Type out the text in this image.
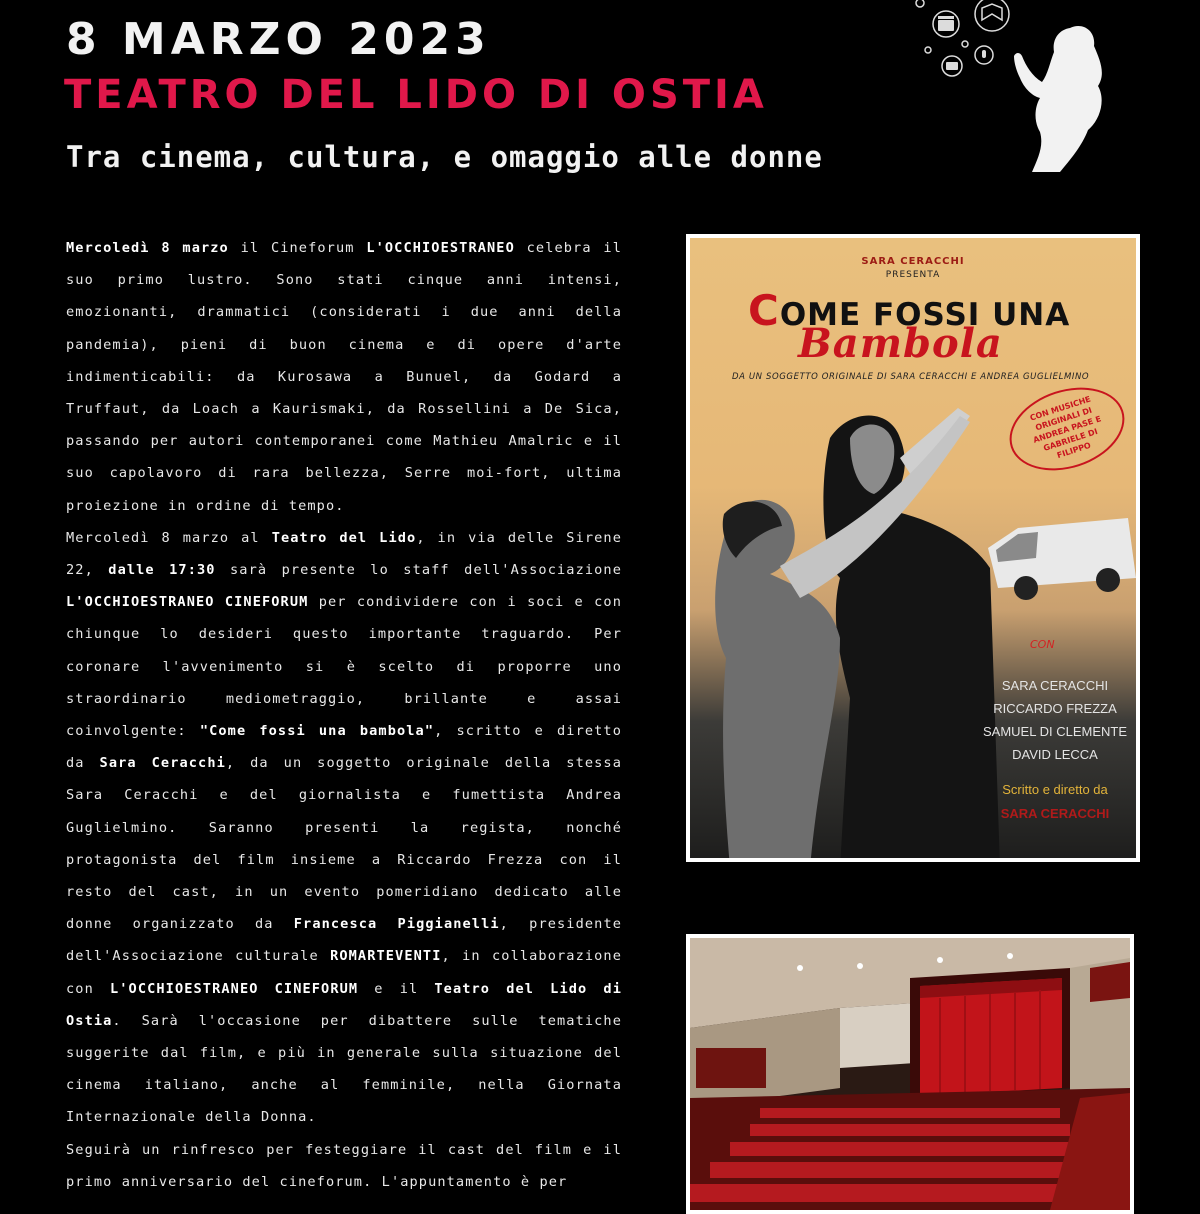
8 MARZO 2023
TEATRO DEL LIDO DI OSTIA
Tra cinema, cultura, e omaggio alle donne

Mercoledì 8 marzo il Cineforum L'OCCHIOESTRANEO celebra il suo primo lustro. Sono stati cinque anni intensi, emozionanti, drammatici (considerati i due anni della pandemia), pieni di buon cinema e di opere d'arte indimenticabili: da Kurosawa a Bunuel, da Godard a Truffaut, da Loach a Kaurismaki, da Rossellini a De Sica, passando per autori contemporanei come Mathieu Amalric e il suo capolavoro di rara bellezza, Serre moi-fort, ultima proiezione in ordine di tempo.

Mercoledì 8 marzo al Teatro del Lido, in via delle Sirene 22, dalle 17:30 sarà presente lo staff dell'Associazione L'OCCHIOESTRANEO CINEFORUM per condividere con i soci e con chiunque lo desideri questo importante traguardo. Per coronare l'avvenimento si è scelto di proporre uno straordinario mediometraggio, brillante e assai coinvolgente: "Come fossi una bambola", scritto e diretto da Sara Ceracchi, da un soggetto originale della stessa Sara Ceracchi e del giornalista e fumettista Andrea Guglielmino. Saranno presenti la regista, nonché protagonista del film insieme a Riccardo Frezza con il resto del cast, in un evento pomeridiano dedicato alle donne organizzato da Francesca Piggianelli, presidente dell'Associazione culturale ROMARTEVENTI, in collaborazione con L'OCCHIOESTRANEO CINEFORUM e il Teatro del Lido di Ostia. Sarà l'occasione per dibattere sulle tematiche suggerite dal film, e più in generale sulla situazione del cinema italiano, anche al femminile, nella Giornata Internazionale della Donna.

Seguirà un rinfresco per festeggiare il cast del film e il primo anniversario del cineforum. L'appuntamento è per

SARA CERACCHI
PRESENTA
COME FOSSI UNA
Bambola
DA UN SOGGETTO ORIGINALE DI SARA CERACCHI E ANDREA GUGLIELMINO
CON MUSICHE ORIGINALI DI ANDREA PASE E GABRIELE DI FILIPPO
CON
SARA CERACCHI
RICCARDO FREZZA
SAMUEL DI CLEMENTE
DAVID LECCA
Scritto e diretto da
SARA CERACCHI
